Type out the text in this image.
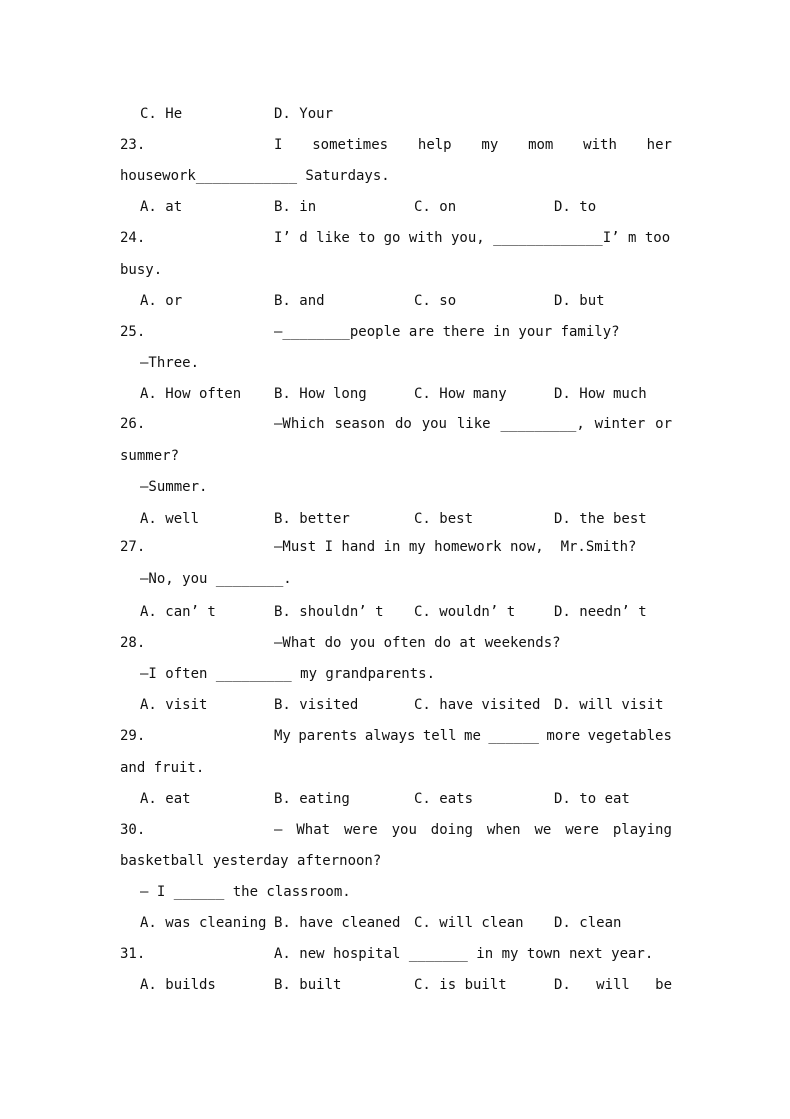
C. He

	D. Your

23.

	I sometimes help my mom with her

housework____________ Saturdays.

A. at

	B. in

	C. on

	D. to

24.

	I’ d like to go with you, _____________I’ m too

busy.

A. or

	B. and

	C. so

	D. but

25.

	—________people are there in your family?

—Three.

A. How often

B. How long

	C. How many

	D. How much

26.

	—Which season do you like _________, winter or

summer?
—Summer.

A. well

	B. better

	C. best

	D. the best

27.

	—Must I hand in my homework now,  Mr.Smith?

—No, you ________.

A. can’ t

	B. shouldn’ t

C. wouldn’ t

	D. needn’ t

28.

	—What do you often do at weekends?

—I often _________ my grandparents.

A. visit

	B. visited

	C. have visited

D. will visit

29.

	My parents always tell me ______ more vegetables

and fruit.

A. eat

	B. eating

	C. eats

	D. to eat

30.

	— What were you doing when we were playing

basketball yesterday afternoon?
— I ______ the classroom.

A. was cleaning

B. have cleaned

C. will clean

D. clean

31.

	A. new hospital _______ in my town next year.

A. builds

	B. built

	C. is built

	D. will be
